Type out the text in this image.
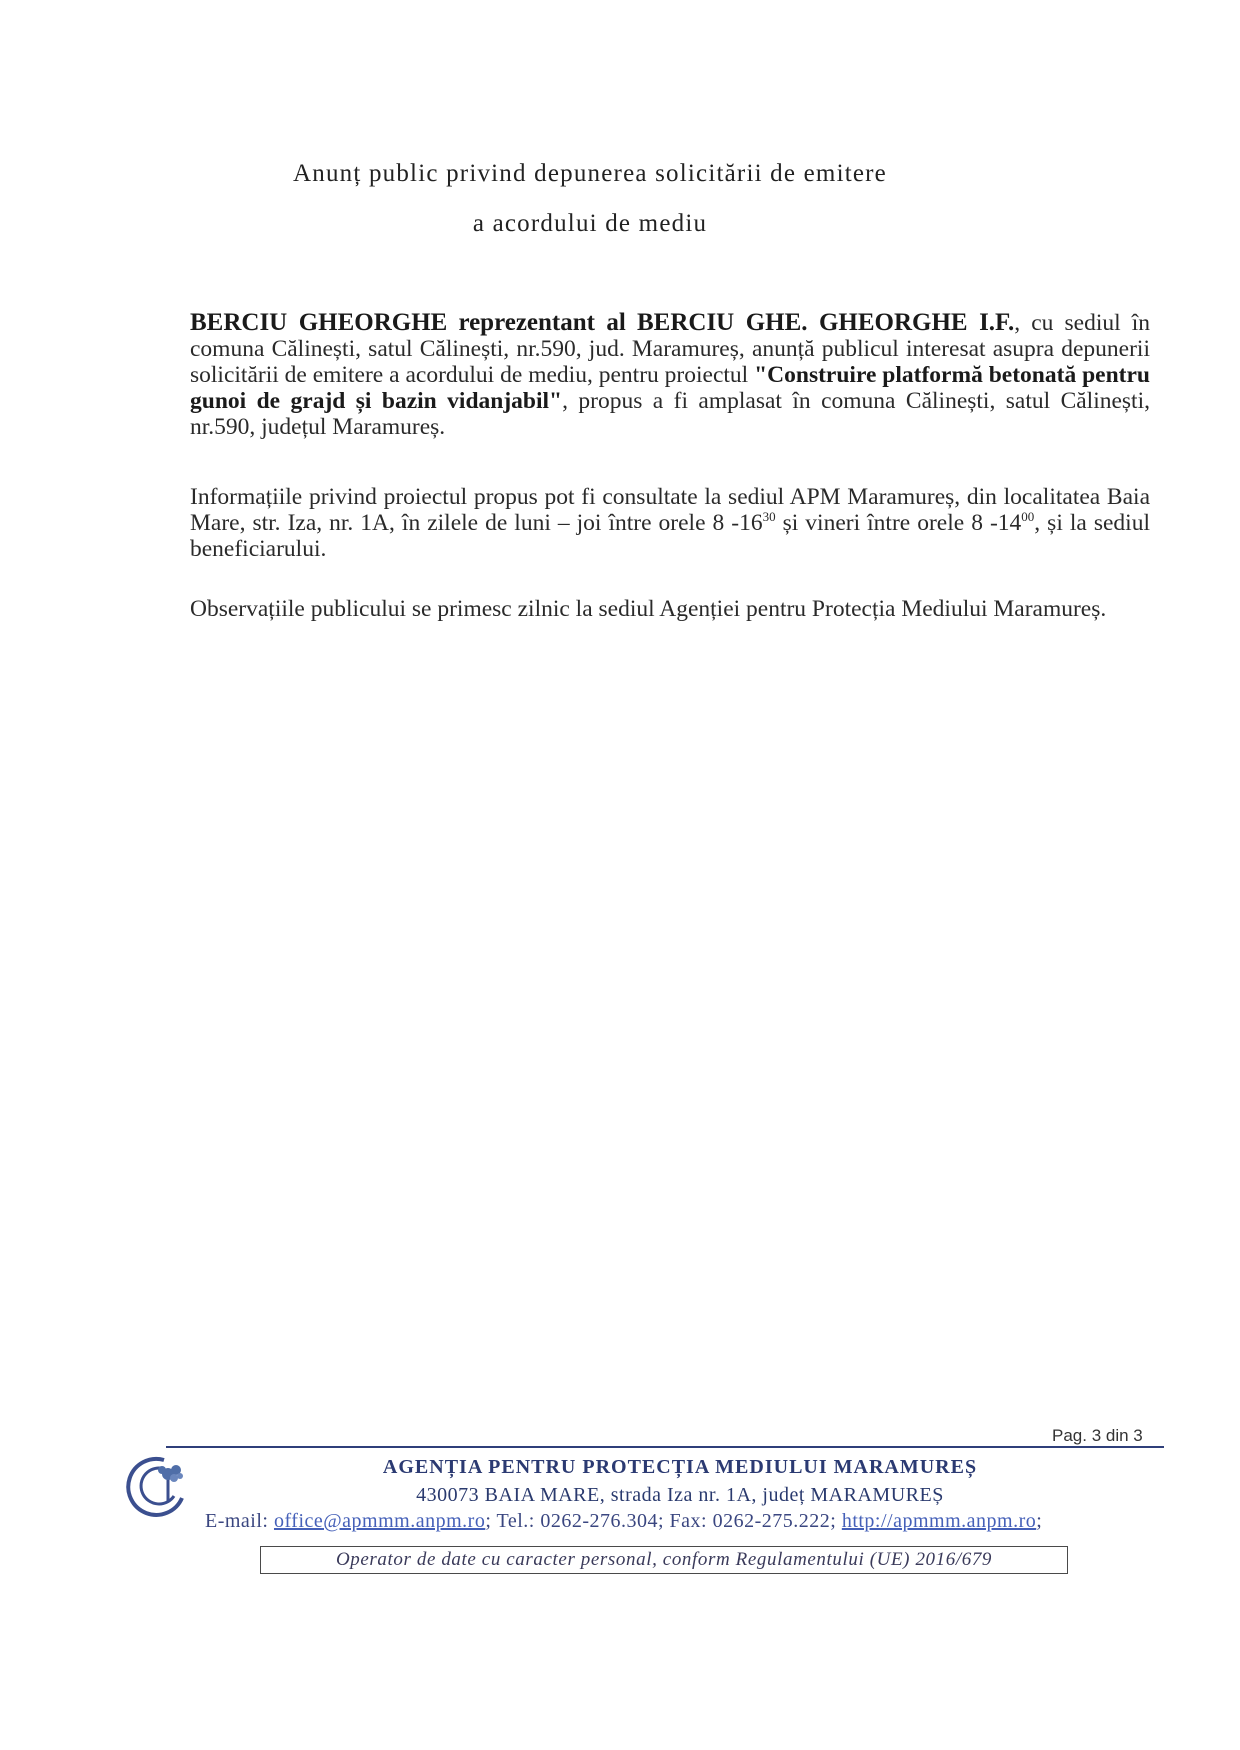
Anunț public privind depunerea solicitării de emitere
a acordului de mediu
BERCIU GHEORGHE reprezentant al BERCIU GHE. GHEORGHE I.F., cu sediul în comuna Călinești, satul Călinești, nr.590, jud. Maramureș, anunță publicul interesat asupra depunerii solicitării de emitere a acordului de mediu, pentru proiectul "Construire platformă betonată pentru gunoi de grajd și bazin vidanjabil", propus a fi amplasat în comuna Călinești, satul Călinești, nr.590, județul Maramureș.
Informațiile privind proiectul propus pot fi consultate la sediul APM Maramureș, din localitatea Baia Mare, str. Iza, nr. 1A, în zilele de luni – joi între orele 8 $-16^{30}$ și vineri între orele 8 $-14^{00}$, și la sediul beneficiarului.
Observațiile publicului se primesc zilnic la sediul Agenției pentru Protecția Mediului Maramureș.
Pag. 3 din 3
AGENȚIA PENTRU PROTECȚIA MEDIULUI MARAMUREȘ
430073 BAIA MARE, strada Iza nr. 1A, județ MARAMUREȘ
E-mail: office@apmmm.anpm.ro; Tel.: 0262-276.304; Fax: 0262-275.222; http://apmmm.anpm.ro;
Operator de date cu caracter personal, conform Regulamentului (UE) 2016/679
